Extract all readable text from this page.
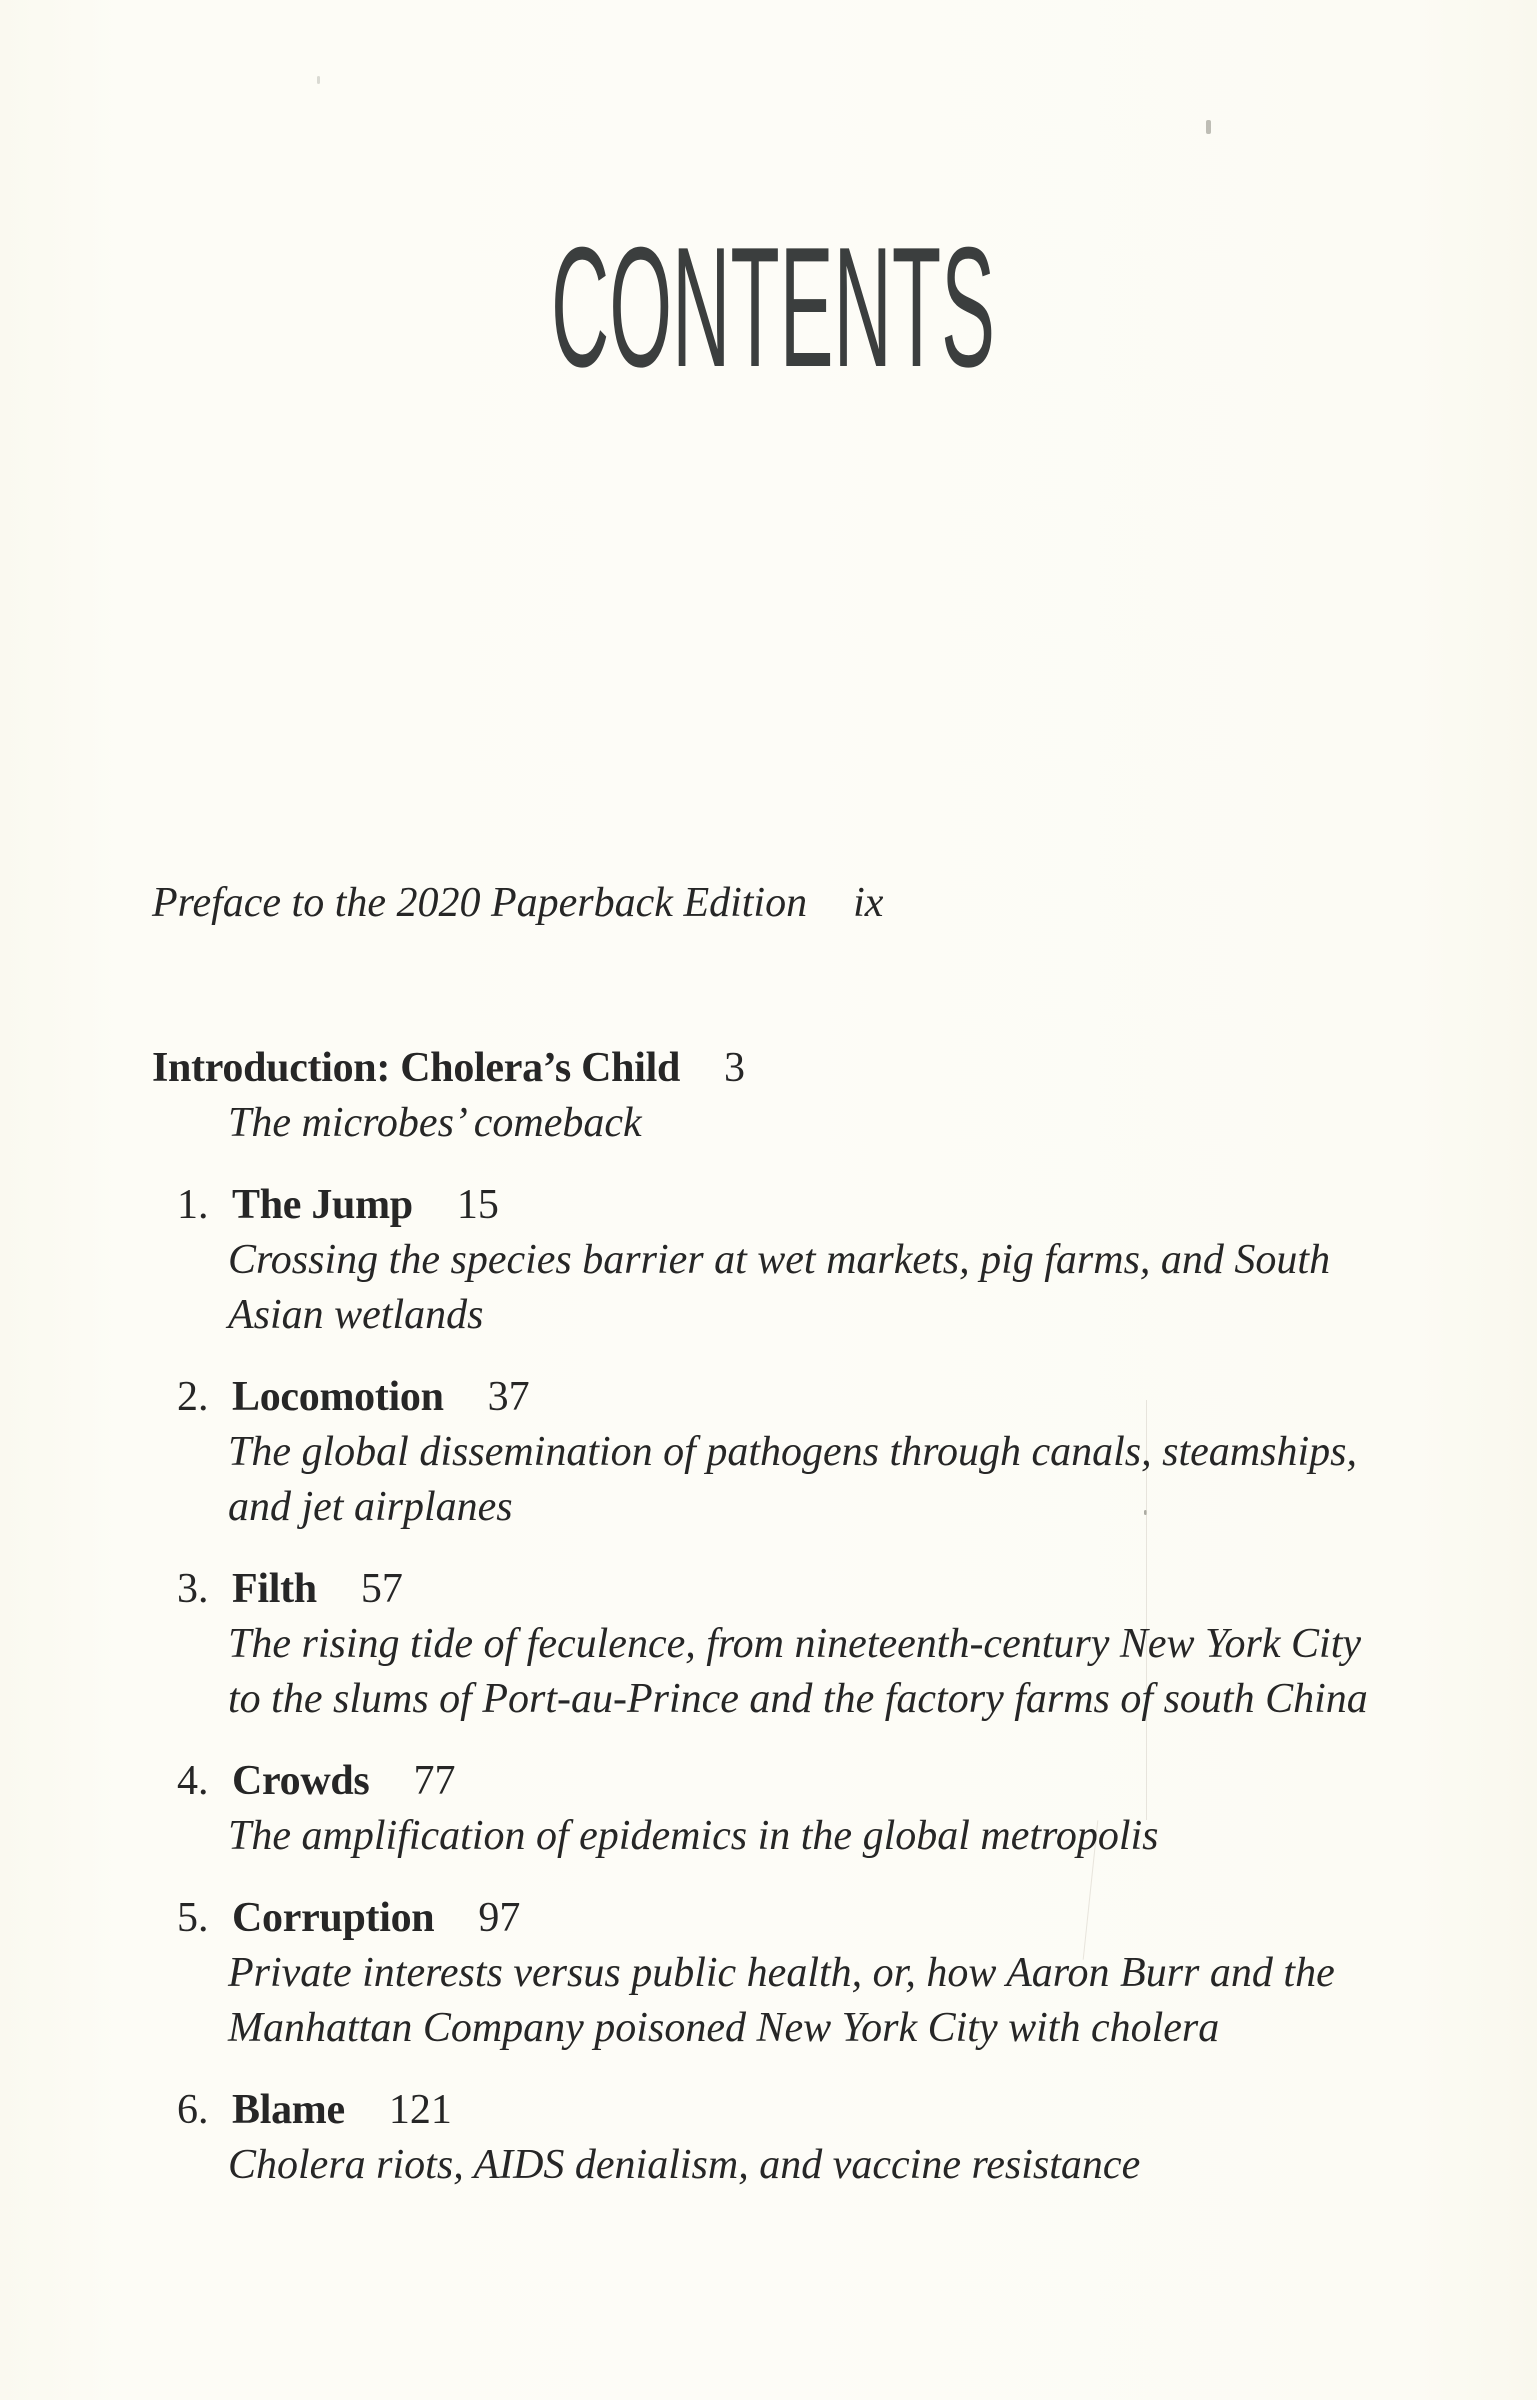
CONTENTS
Preface to the 2020 Paperback Edition ix
Introduction: Cholera’s Child 3
The microbes’ comeback
1. The Jump 15
Crossing the species barrier at wet markets, pig farms, and South
Asian wetlands
2. Locomotion 37
The global dissemination of pathogens through canals, steamships,
and jet airplanes
3. Filth 57
The rising tide of feculence, from nineteenth-century New York City
to the slums of Port-au-Prince and the factory farms of south China
4. Crowds 77
The amplification of epidemics in the global metropolis
5. Corruption 97
Private interests versus public health, or, how Aaron Burr and the
Manhattan Company poisoned New York City with cholera
6. Blame 121
Cholera riots, AIDS denialism, and vaccine resistance
